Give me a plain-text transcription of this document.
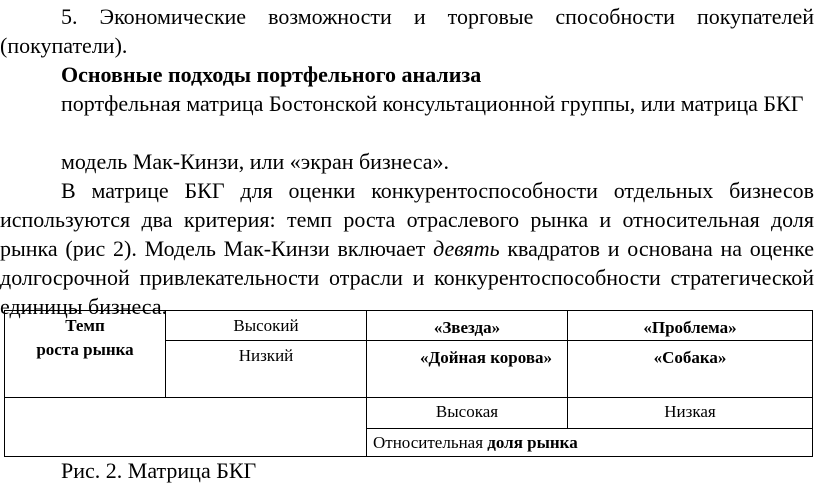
5. Экономические возможности и торговые способности покупателей (покупатели).

Основные подходы портфельного анализа

портфельная матрица Бостонской консультационной группы, или матрица БКГ

модель Мак-Кинзи, или «экран бизнеса».

В матрице БКГ для оценки конкурентоспособности отдельных бизнесов используются два критерия: темп роста отраслевого рынка и относительная доля рынка (рис 2). Модель Мак-Кинзи включает девять квадратов и основана на оценке долгосрочной привлекательности отрасли и конкурентоспособности стратегической единицы бизнеса.

Темп
роста рынка	Высокий	«Звезда»	«Проблема»
	Низкий	«Дойная корова»	«Собака»
		Высокая	Низкая
		Относительная доля рынка	
Рис. 2. Матрица БКГ
